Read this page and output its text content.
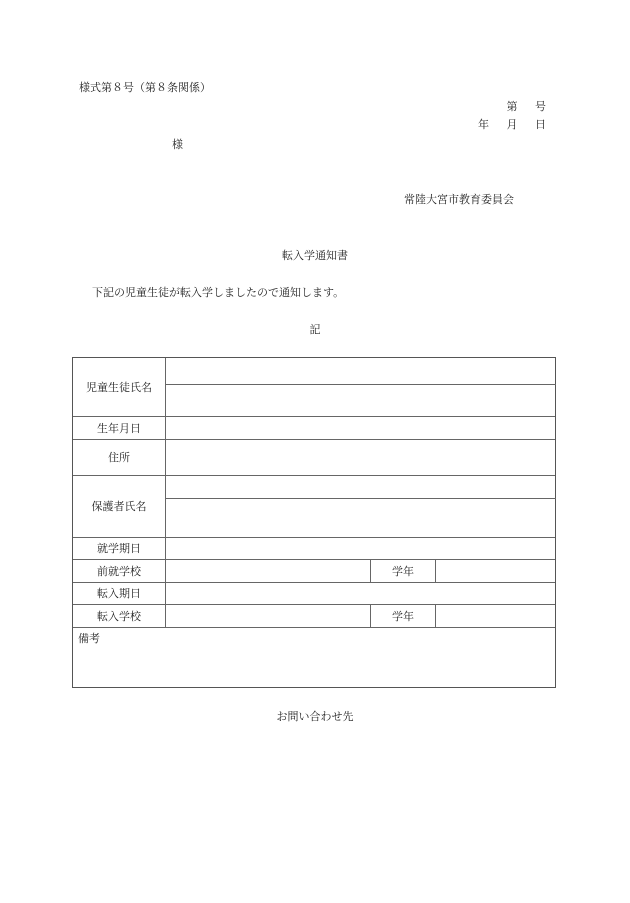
様式第８号（第８条関係）
第 号
年 月 日
様
常陸大宮市教育委員会
転入学通知書
下記の児童生徒が転入学しましたので通知します。
記
児童生徒氏名
生年月日
住所
保護者氏名
就学期日
前就学校
転入期日
転入学校
学年
学年
備考
お問い合わせ先
